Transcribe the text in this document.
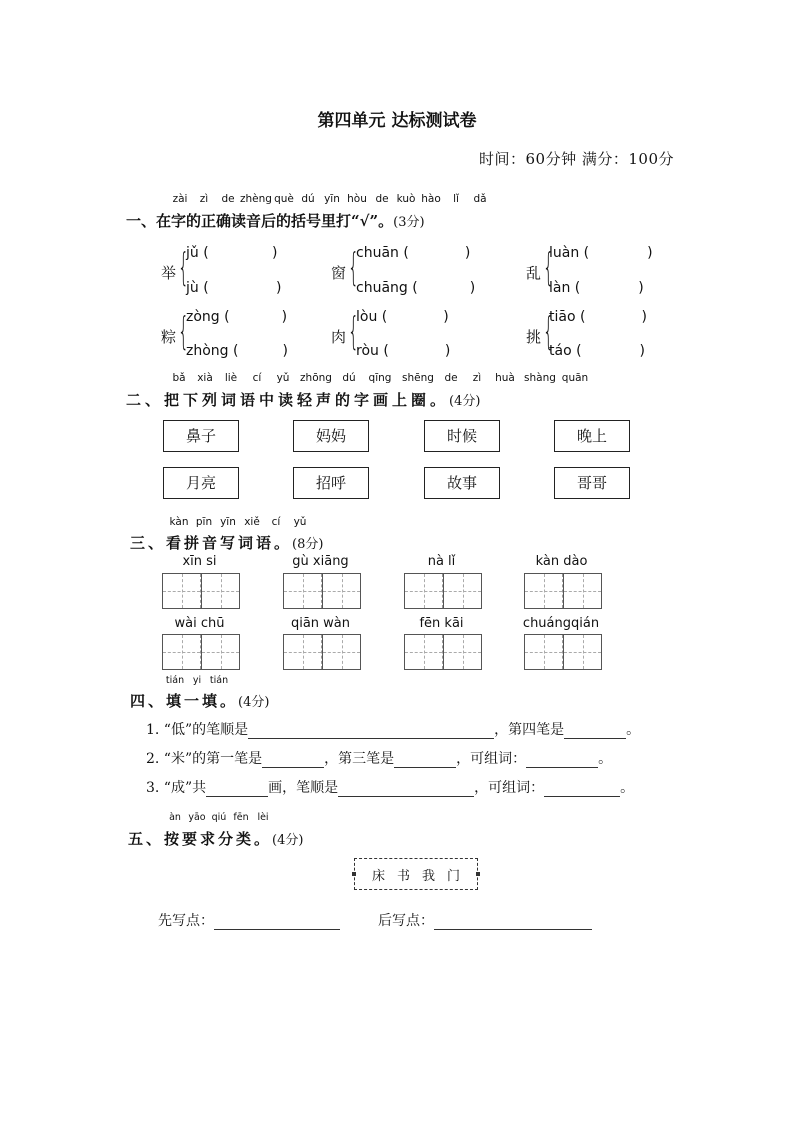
第四单元 达标测试卷
时间：60分钟 满分：100分
zài zì de zhèng què dú yīn hòu de kuò hào lǐ dǎ
一、在字的正确读音后的括号里打“√”。(3分)
举 {
jǔ (	)
jù (	)
窗 {
chuān (	)
chuāng (	)
乱 {
luàn (	)
làn (	)
粽 {
zòng (	)
zhòng (	)
肉 {
lòu (	)
ròu (	)
挑 {
tiāo (	)
táo (	)
bǎ xià liè cí yǔ zhōng dú qīng shēng de zì huà shàng quān
二、把下列词语中读轻声的字画上圈。(4分)
鼻子	妈妈	时候	晚上
月亮	招呼	故事	哥哥
kàn pīn yīn xiě cí yǔ
三、看拼音写词语。(8分)
xīn si	gù xiāng	nà lǐ	kàn dào
wài chū	qiān wàn	fēn kāi	chuángqián
tián yi tián
四、填一填。(4分)
1. “低”的笔顺是	，第四笔是	。
2. “米”的第一笔是	，第三笔是	，可组词：	。
3. “成”共	画，笔顺是	，可组词：	。
àn yāo qiú fēn lèi
五、按要求分类。(4分)
床书我门
先写点：	后写点：
